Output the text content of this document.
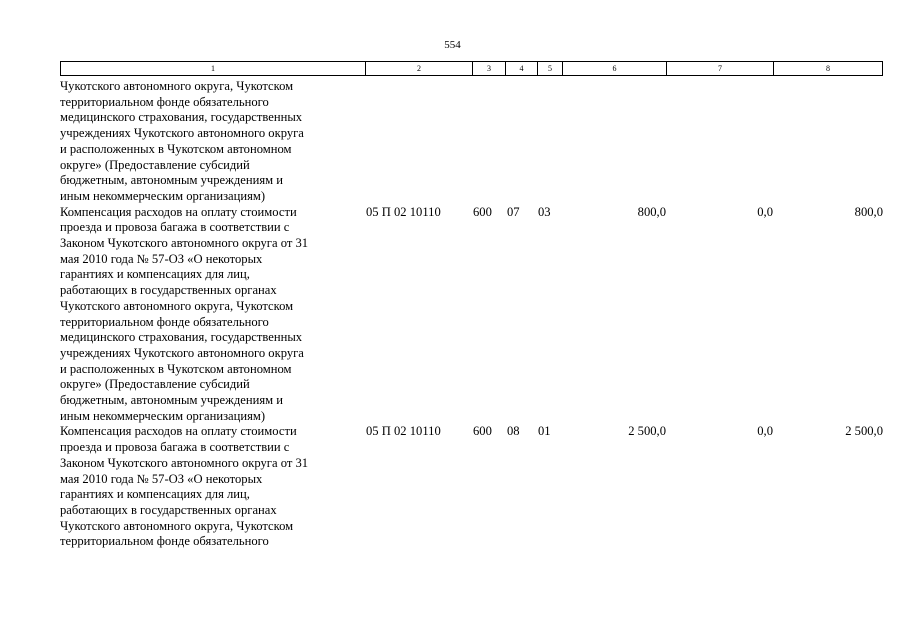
554
1	2	3	4	5	6	7	8
Чукотского автономного округа, Чукотском
территориальном фонде обязательного
медицинского страхования, государственных
учреждениях Чукотского автономного округа
и расположенных в Чукотском автономном
округе» (Предоставление субсидий
бюджетным, автономным учреждениям и
иным некоммерческим организациям)
Компенсация расходов на оплату стоимости
проезда и провоза багажа в соответствии с
Законом Чукотского автономного округа от 31
мая 2010 года № 57-ОЗ «О некоторых
гарантиях и компенсациях для лиц,
работающих в государственных органах
Чукотского автономного округа, Чукотском
территориальном фонде обязательного
медицинского страхования, государственных
учреждениях Чукотского автономного округа
и расположенных в Чукотском автономном
округе» (Предоставление субсидий
бюджетным, автономным учреждениям и
иным некоммерческим организациям)
05 П 02 10110	600	07	03	800,0	0,0	800,0
Компенсация расходов на оплату стоимости
проезда и провоза багажа в соответствии с
Законом Чукотского автономного округа от 31
мая 2010 года № 57-ОЗ «О некоторых
гарантиях и компенсациях для лиц,
работающих в государственных органах
Чукотского автономного округа, Чукотском
территориальном фонде обязательного
05 П 02 10110	600	08	01	2 500,0	0,0	2 500,0
